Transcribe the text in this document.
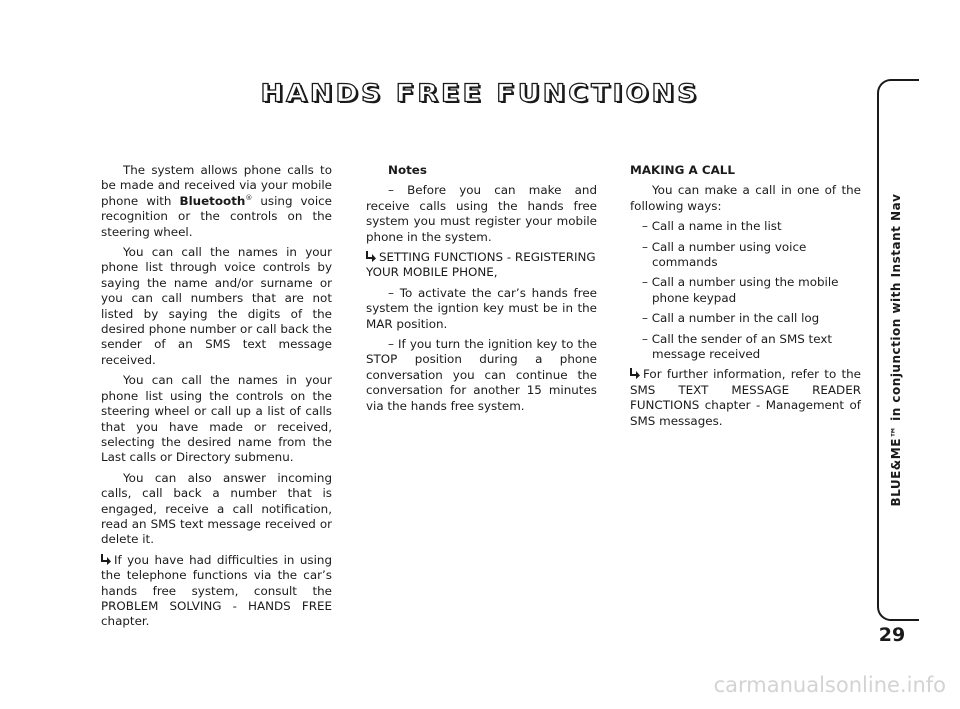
HANDS FREE FUNCTIONS

The system allows phone calls to be made and received via your mobile phone with Bluetooth® using voice recognition or the controls on the steering wheel.

You can call the names in your phone list through voice controls by saying the name and/or surname or you can call numbers that are not listed by saying the digits of the desired phone number or call back the sender of an SMS text message received.

You can call the names in your phone list using the controls on the steering wheel or call up a list of calls that you have made or received, selecting the desired name from the Last calls or Directory submenu.

You can also answer incoming calls, call back a number that is engaged, receive a call notification, read an SMS text message received or delete it.

If you have had difficulties in using the telephone functions via the car’s hands free system, consult the PROBLEM SOLVING - HANDS FREE chapter.

Notes

– Before you can make and receive calls using the hands free system you must register your mobile phone in the system.

SETTING FUNCTIONS - REGISTERING YOUR MOBILE PHONE,

– To activate the car’s hands free system the igntion key must be in the MAR position.

– If you turn the ignition key to the STOP position during a phone conversation you can continue the conversation for another 15 minutes via the hands free system.

MAKING A CALL

You can make a call in one of the following ways:

– Call a name in the list

– Call a number using voice commands

– Call a number using the mobile phone keypad

– Call a number in the call log

– Call the sender of an SMS text message received

For further information, refer to the SMS TEXT MESSAGE READER FUNCTIONS chapter - Management of SMS messages.	BLUE&ME™ in conjunction with Instant Nav
29
carmanualsonline.info
